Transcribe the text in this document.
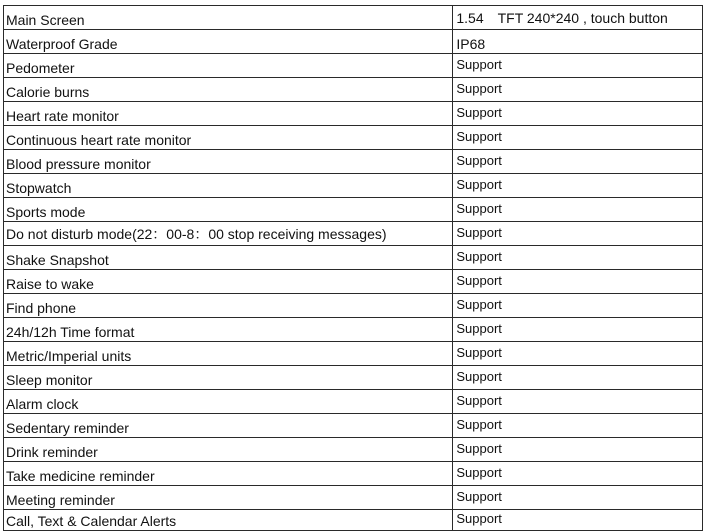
Main Screen	1.54　TFT 240*240 , touch button
Waterproof Grade	IP68
Pedometer	Support
Calorie burns	Support
Heart rate monitor	Support
Continuous heart rate monitor	Support
Blood pressure monitor	Support
Stopwatch	Support
Sports mode	Support
Do not disturb mode(22：00-8：00 stop receiving messages)	Support
Shake Snapshot	Support
Raise to wake	Support
Find phone	Support
24h/12h Time format	Support
Metric/Imperial units	Support
Sleep monitor	Support
Alarm clock	Support
Sedentary reminder	Support
Drink reminder	Support
Take medicine reminder	Support
Meeting reminder	Support
Call, Text & Calendar Alerts	Support
